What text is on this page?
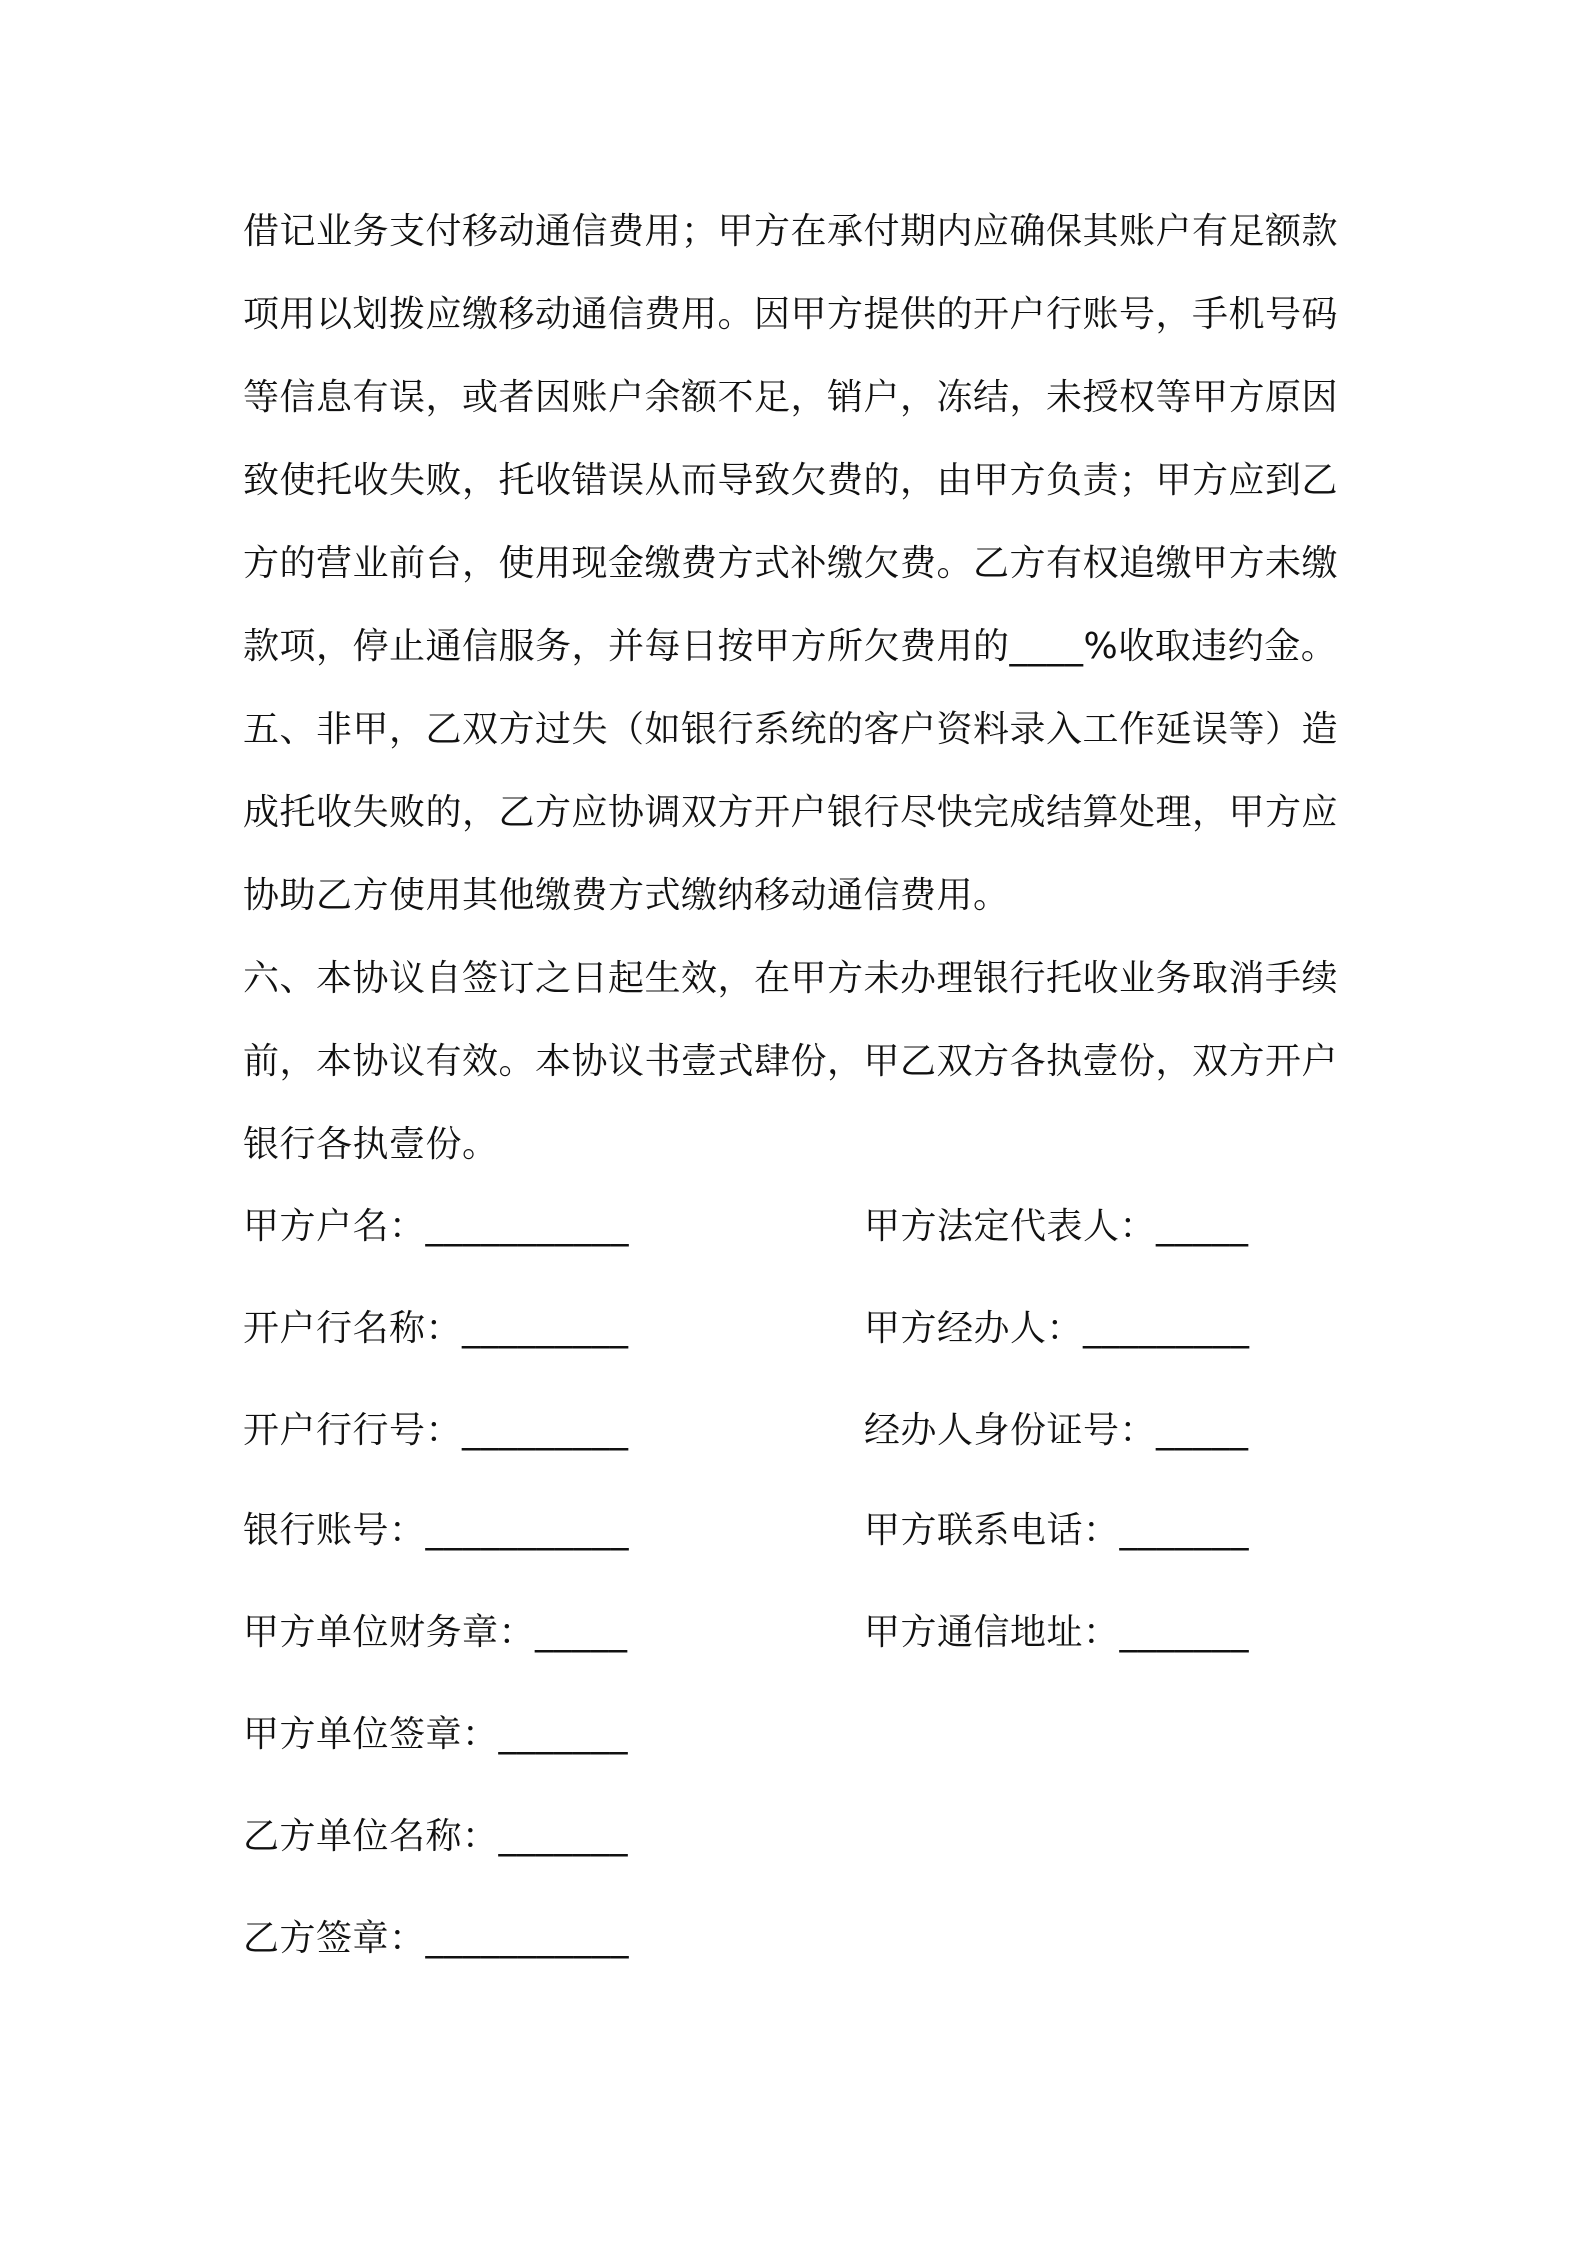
借记业务支付移动通信费用；甲方在承付期内应确保其账户有足额款
项用以划拨应缴移动通信费用。因甲方提供的开户行账号，手机号码
等信息有误，或者因账户余额不足，销户，冻结，未授权等甲方原因
致使托收失败，托收错误从而导致欠费的，由甲方负责；甲方应到乙
方的营业前台，使用现金缴费方式补缴欠费。乙方有权追缴甲方未缴
款项，停止通信服务，并每日按甲方所欠费用的____%收取违约金。
五、非甲，乙双方过失（如银行系统的客户资料录入工作延误等）造
成托收失败的，乙方应协调双方开户银行尽快完成结算处理，甲方应
协助乙方使用其他缴费方式缴纳移动通信费用。
六、本协议自签订之日起生效，在甲方未办理银行托收业务取消手续
前，本协议有效。本协议书壹式肆份，甲乙双方各执壹份，双方开户
银行各执壹份。
甲方户名：___________
开户行名称：_________
开户行行号：_________
银行账号：___________
甲方单位财务章：_____
甲方单位签章：_______
乙方单位名称：_______
乙方签章：___________
甲方法定代表人：_____
甲方经办人：_________
经办人身份证号：_____
甲方联系电话：_______
甲方通信地址：_______
